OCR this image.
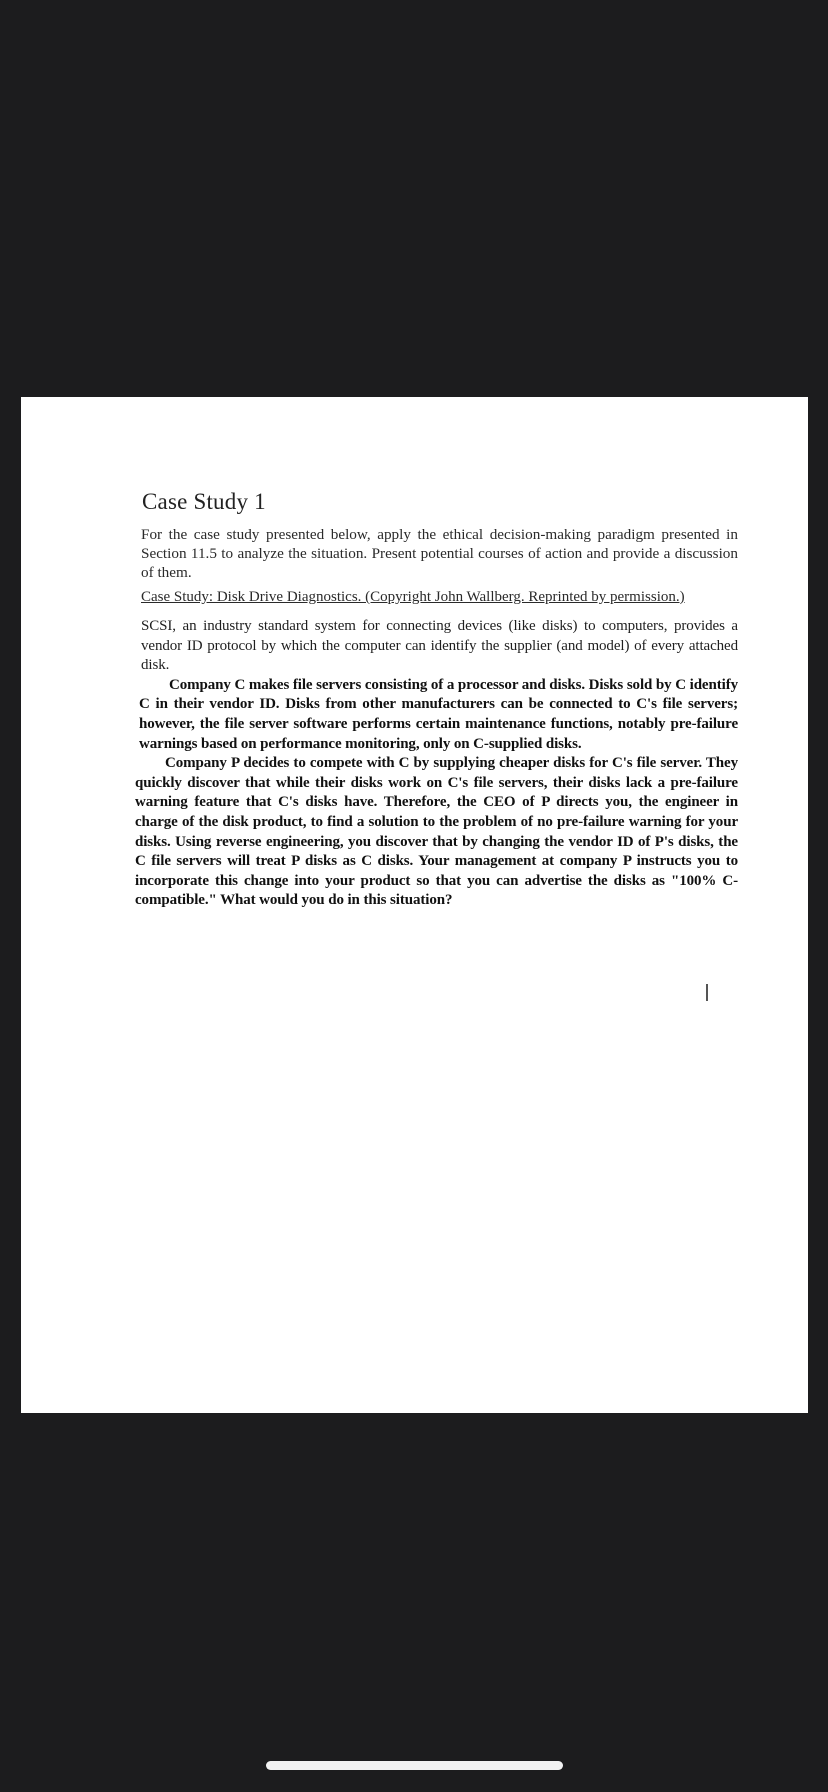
Case Study 1

For the case study presented below, apply the ethical decision-making paradigm presented in Section 11.5 to analyze the situation. Present potential courses of action and provide a discussion of them.

Case Study: Disk Drive Diagnostics. (Copyright John Wallberg. Reprinted by permission.)

SCSI, an industry standard system for connecting devices (like disks) to computers, provides a vendor ID protocol by which the computer can identify the supplier (and model) of every attached disk.

Company C makes file servers consisting of a processor and disks. Disks sold by C identify C in their vendor ID. Disks from other manufacturers can be connected to C's file servers; however, the file server software performs certain maintenance functions, notably pre-failure warnings based on performance monitoring, only on C-supplied disks.

Company P decides to compete with C by supplying cheaper disks for C's file server. They quickly discover that while their disks work on C's file servers, their disks lack a pre-failure warning feature that C's disks have. Therefore, the CEO of P directs you, the engineer in charge of the disk product, to find a solution to the problem of no pre-failure warning for your disks. Using reverse engineering, you discover that by changing the vendor ID of P's disks, the C file servers will treat P disks as C disks. Your management at company P instructs you to incorporate this change into your product so that you can advertise the disks as "100% C-compatible." What would you do in this situation?
